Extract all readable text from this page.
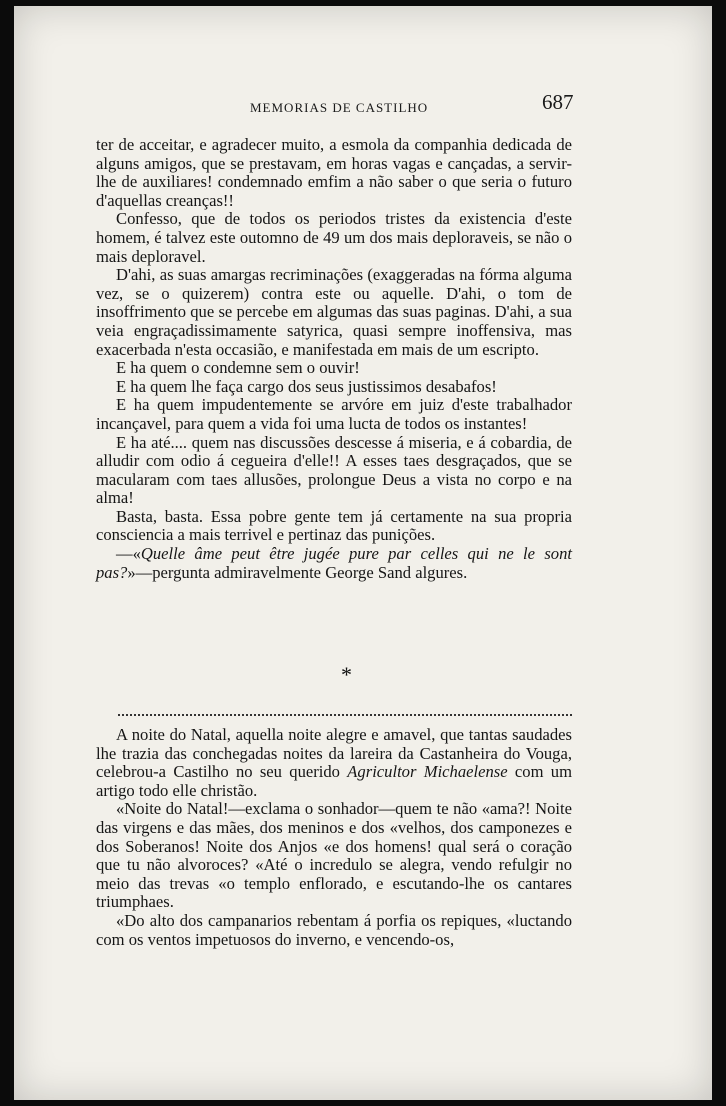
MEMORIAS DE CASTILHO	687

ter de acceitar, e agradecer muito, a esmola da companhia dedicada de alguns amigos, que se prestavam, em horas vagas e cançadas, a servir-lhe de auxiliares! condemnado emfim a não saber o que seria o futuro d'aquellas creanças!!

Confesso, que de todos os periodos tristes da existencia d'este homem, é talvez este outomno de 49 um dos mais deploraveis, se não o mais deploravel.

D'ahi, as suas amargas recriminações (exaggeradas na fórma alguma vez, se o quizerem) contra este ou aquelle. D'ahi, o tom de insoffrimento que se percebe em algumas das suas paginas. D'ahi, a sua veia engraçadissimamente satyrica, quasi sempre inoffensiva, mas exacerbada n'esta occasião, e manifestada em mais de um escripto.

E ha quem o condemne sem o ouvir!

E ha quem lhe faça cargo dos seus justissimos desabafos!

E ha quem impudentemente se arvóre em juiz d'este trabalhador incançavel, para quem a vida foi uma lucta de todos os instantes!

E ha até.... quem nas discussões descesse á miseria, e á cobardia, de alludir com odio á cegueira d'elle!! A esses taes desgraçados, que se macularam com taes allusões, prolongue Deus a vista no corpo e na alma!

Basta, basta. Essa pobre gente tem já certamente na sua propria consciencia a mais terrivel e pertinaz das punições.

—«Quelle âme peut être jugée pure par celles qui ne le sont pas?»—pergunta admiravelmente George Sand algures.

*

A noite do Natal, aquella noite alegre e amavel, que tantas saudades lhe trazia das conchegadas noites da lareira da Castanheira do Vouga, celebrou-a Castilho no seu querido Agricultor Michaelense com um artigo todo elle christão.

«Noite do Natal!—exclama o sonhador—quem te não «ama?! Noite das virgens e das mães, dos meninos e dos «velhos, dos camponezes e dos Soberanos! Noite dos Anjos «e dos homens! qual será o coração que tu não alvoroces? «Até o incredulo se alegra, vendo refulgir no meio das trevas «o templo enflorado, e escutando-lhe os cantares triumphaes.

«Do alto dos campanarios rebentam á porfia os repiques, «luctando com os ventos impetuosos do inverno, e vencendo-os,
